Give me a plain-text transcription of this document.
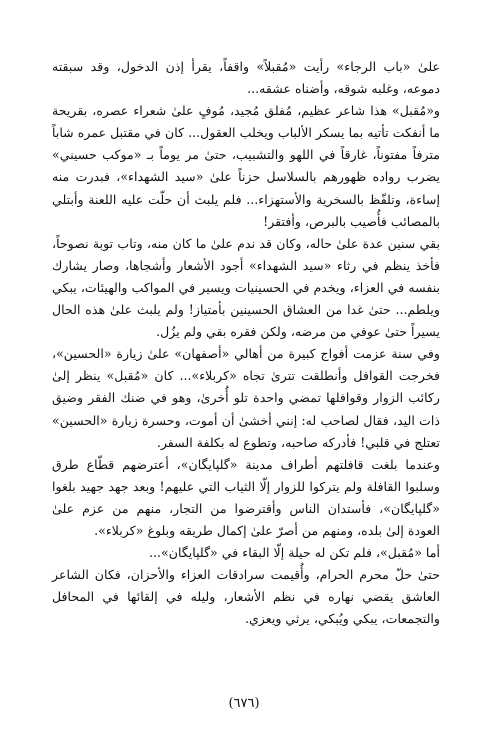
علىٰ «باب الرجاء» رأيت «مُقبلاً» واقفاً، يقرأ إذن الدخول، وقد سبقته دموعه، وغلبه شوقه، وأضناه عشقه...

و«مُقبل» هذا شاعر عظيم، مُفلق مُجيد، مُوفٍ علىٰ شعراء عصره، بقريحة ما أنفكت تأتيه بما يسكر الألباب ويخلب العقول... كان في مقتبل عمره شاباً مترفاً مفتوناً، غارقاً في اللهو والتشبيب، حتىٰ مر يوماً بـ «موكب حسيني» يضرب رواده ظهورهم بالسلاسل حزناً علىٰ «سيد الشهداء»، فبدرت منه إساءة، وتلفّظ بالسخرية والأستهزاء... فلم يلبث أن حلّت عليه اللعنة وأبتلي بالمصائب فأُصيب بالبرص، وأفتقر!

بقي سنين عدة علىٰ حاله، وكان قد ندم علىٰ ما كان منه، وتاب توبة نصوحاً، فأخذ ينظم في رثاء «سيد الشهداء» أجود الأشعار وأشجاها، وصار يشارك بنفسه في العزاء، ويخدم في الحسينيات ويسير في المواكب والهيئات، يبكي ويلطم... حتىٰ غدا من العشاق الحسينين بأمتياز! ولم يلبث علىٰ هذه الحال يسيراً حتىٰ عوفي من مرضه، ولكن فقره بقي ولم يزُل.

وفي سنة عزمت أفواج كبيرة من أهالي «أصفهان» علىٰ زيارة «الحسين»، فخرجت القوافل وأنطلقت تترىٰ تجاه «كربلاء»... كان «مُقبل» ينظر إلىٰ ركائب الزوار وقوافلها تمضي واحدة تلو أُخرىٰ، وهو في ضنك الفقر وضيق ذات اليد، فقال لصاحب له: إنني أخشىٰ أن أموت، وحسرة زيارة «الحسين» تعتلج في قلبي! فأدركه صاحبه، وتطوع له بكلفة السفر.

وعندما بلغت قافلتهم أطراف مدينة «گلپايگان»، أعترضهم قطّاع طرق وسلبوا القافلة ولم يتركوا للزوار إلّا الثياب التي عليهم! وبعد جهد جهيد بلغوا «گلپايگان»، فأستدان الناس وأقترضوا من التجار، منهم من عزم علىٰ العودة إلىٰ بلده، ومنهم من أصرّ علىٰ إكمال طريقه وبلوغ «كربلاء».

أما «مُقبل»، فلم تكن له حيلة إلّا البقاء في «گلپايگان»...

حتىٰ حلّ محرم الحرام، وأُقيمت سرادقات العزاء والأحزان، فكان الشاعر العاشق يقضي نهاره في نظم الأشعار، وليله في إلقائها في المحافل والتجمعات، يبكي ويُبكي، يرثي ويعزي.

(٦٧٦)
